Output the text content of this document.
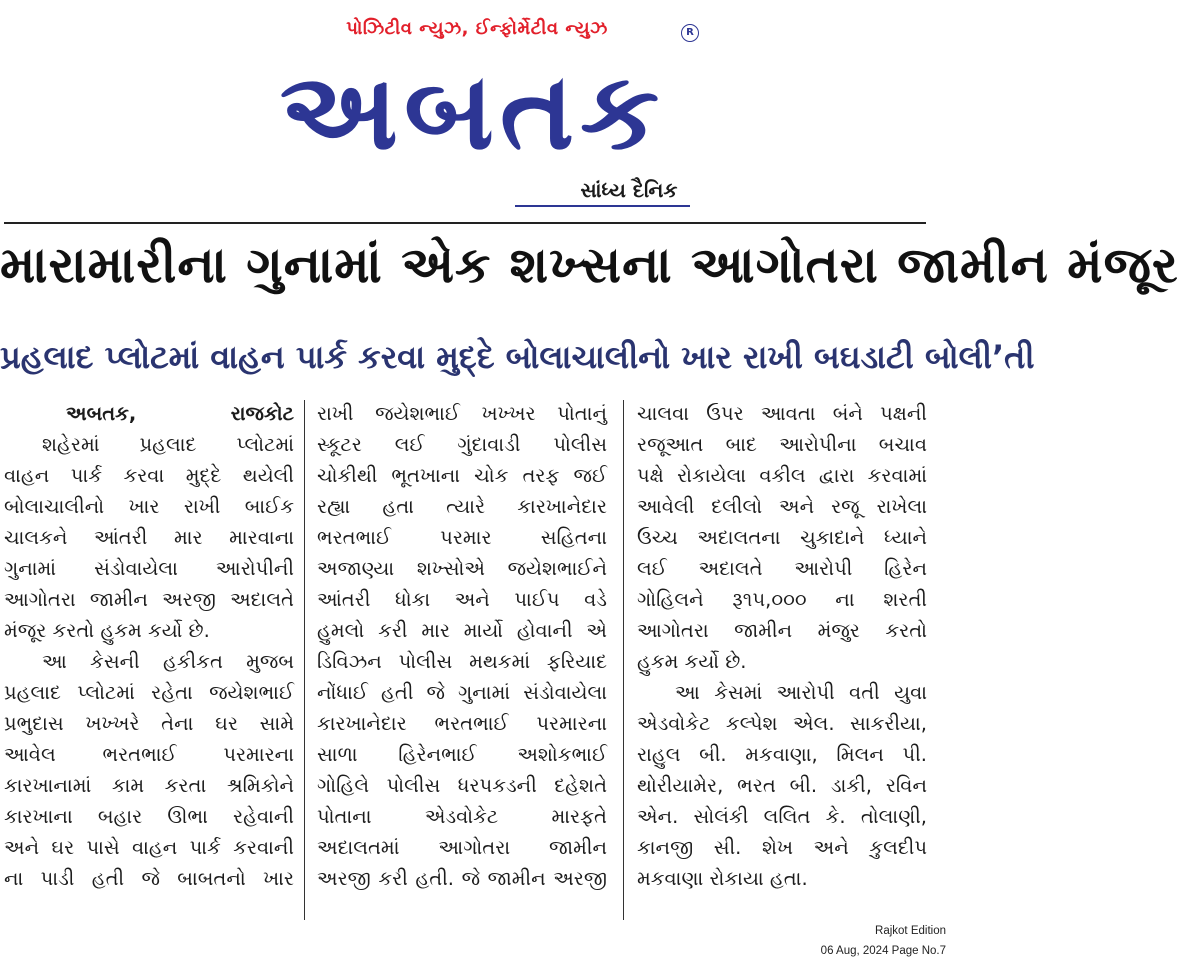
પોઝિટીવ ન્યુઝ, ઈન્ફોર્મેટીવ ન્યુઝ
અબતક
R
સાંધ્ય દૈનિક
મારામારીના ગુનામાં એક શખ્સના આગોતરા જામીન મંજૂર
પ્રહલાદ પ્લોટમાં વાહન પાર્ક કરવા મુદ્દે બોલાચાલીનો ખાર રાખી બઘડાટી બોલી’તી
અબતક, રાજકોટ
શહેરમાં પ્રહલાદ પ્લોટમાં
વાહન પાર્ક કરવા મુદ્દે થયેલી
બોલાચાલીનો ખાર રાખી બાઈક
ચાલકને આંતરી માર મારવાના
ગુનામાં સંડોવાયેલા આરોપીની
આગોતરા જામીન અરજી અદાલતે
મંજૂર કરતો હુકમ કર્યો છે.
આ કેસની હકીકત મુજબ
પ્રહલાદ પ્લોટમાં રહેતા જયેશભાઈ
પ્રભુદાસ ખખ્ખરે તેના ઘર સામે
આવેલ ભરતભાઈ પરમારના
કારખાનામાં કામ કરતા શ્રમિકોને
કારખાના બહાર ઊભા રહેવાની
અને ઘર પાસે વાહન પાર્ક કરવાની
ના પાડી હતી જે બાબતનો ખાર
રાખી જયેશભાઈ ખખ્ખર પોતાનું
સ્કૂટર લઈ ગુંદાવાડી પોલીસ
ચોકીથી ભૂતખાના ચોક તરફ જઈ
રહ્યા હતા ત્યારે કારખાનેદાર
ભરતભાઈ પરમાર સહિતના
અજાણ્યા શખ્સોએ જયેશભાઈને
આંતરી ધોકા અને પાઈપ વડે
હુમલો કરી માર માર્યો હોવાની એ
ડિવિઝન પોલીસ મથકમાં ફરિયાદ
નોંધાઈ હતી જે ગુનામાં સંડોવાયેલા
કારખાનેદાર ભરતભાઈ પરમારના
સાળા હિરેનભાઈ અશોકભાઈ
ગોહિલે પોલીસ ધરપકડની દહેશતે
પોતાના એડવોકેટ મારફતે
અદાલતમાં આગોતરા જામીન
અરજી કરી હતી. જે જામીન અરજી
ચાલવા ઉપર આવતા બંને પક્ષની
રજૂઆત બાદ આરોપીના બચાવ
પક્ષે રોકાયેલા વકીલ દ્વારા કરવામાં
આવેલી દલીલો અને રજૂ રાખેલા
ઉચ્ચ અદાલતના ચુકાદાને ધ્યાને
લઈ અદાલતે આરોપી હિરેન
ગોહિલને રૂ૧૫,૦૦૦ ના શરતી
આગોતરા જામીન મંજુર કરતો
હુકમ કર્યો છે.
આ કેસમાં આરોપી વતી યુવા
એડવોકેટ કલ્પેશ એલ. સાકરીયા,
રાહુલ બી. મકવાણા, મિલન પી.
થોરીયામેર, ભરત બી. ડાકી, રવિન
એન. સોલંકી લલિત કે. તોલાણી,
કાનજી સી. શેખ અને કુલદીપ
મકવાણા રોકાયા હતા.
Rajkot Edition
06 Aug, 2024 Page No.7
